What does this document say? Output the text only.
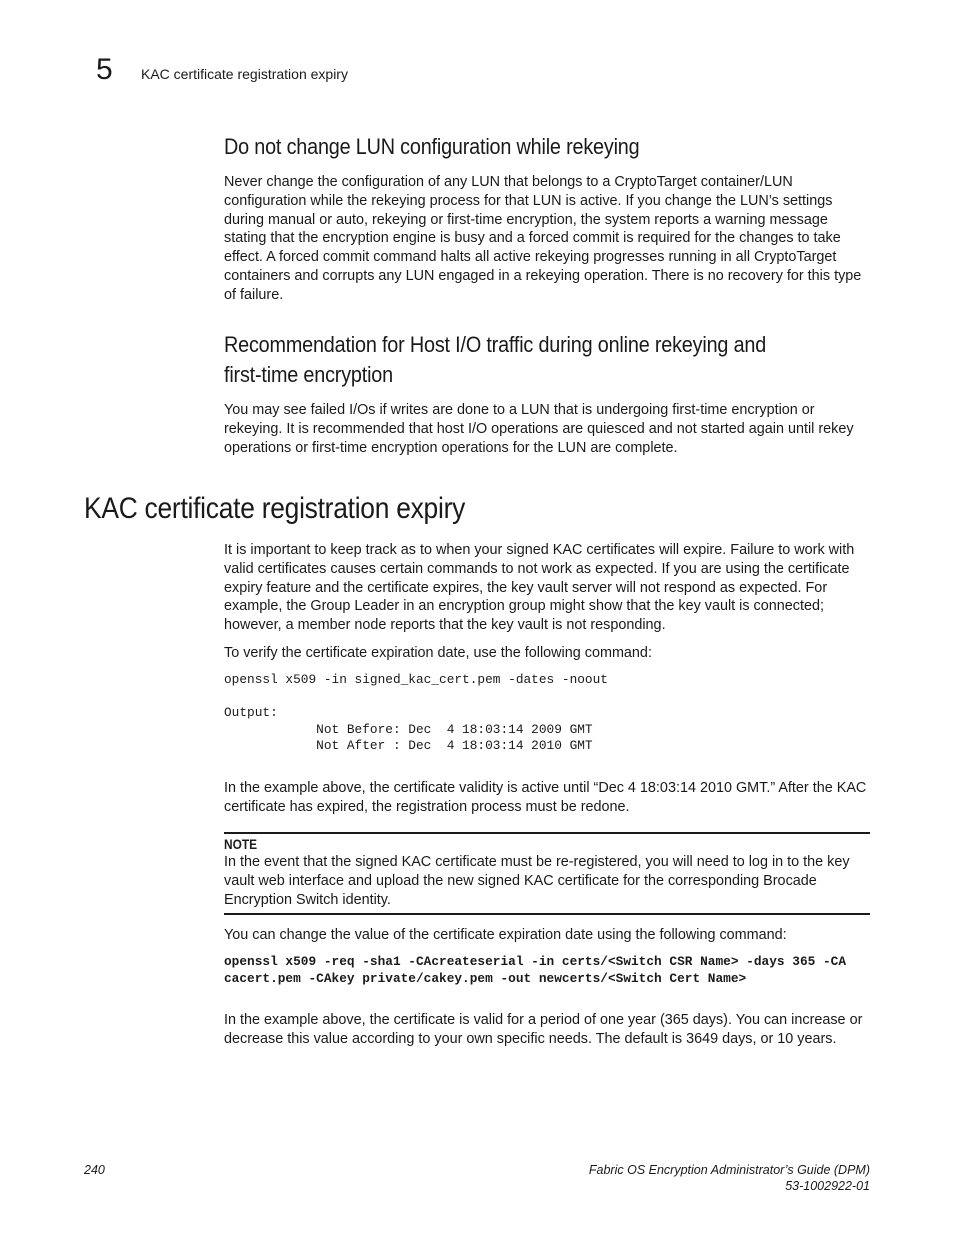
5 KAC certificate registration expiry
Do not change LUN configuration while rekeying

Never change the configuration of any LUN that belongs to a CryptoTarget container/LUN configuration while the rekeying process for that LUN is active. If you change the LUN’s settings during manual or auto, rekeying or first-time encryption, the system reports a warning message stating that the encryption engine is busy and a forced commit is required for the changes to take effect. A forced commit command halts all active rekeying progresses running in all CryptoTarget containers and corrupts any LUN engaged in a rekeying operation. There is no recovery for this type of failure.

Recommendation for Host I/O traffic during online rekeying and first-time encryption

You may see failed I/Os if writes are done to a LUN that is undergoing first-time encryption or rekeying. It is recommended that host I/O operations are quiesced and not started again until rekey operations or first-time encryption operations for the LUN are complete.

KAC certificate registration expiry

It is important to keep track as to when your signed KAC certificates will expire. Failure to work with valid certificates causes certain commands to not work as expected. If you are using the certificate expiry feature and the certificate expires, the key vault server will not respond as expected. For example, the Group Leader in an encryption group might show that the key vault is connected; however, a member node reports that the key vault is not responding.

To verify the certificate expiration date, use the following command:

openssl x509 -in signed_kac_cert.pem -dates -noout
Output:
Not Before: Dec  4 18:03:14 2009 GMT
Not After : Dec  4 18:03:14 2010 GMT

In the example above, the certificate validity is active until “Dec 4 18:03:14 2010 GMT.” After the KAC certificate has expired, the registration process must be redone.

NOTE

In the event that the signed KAC certificate must be re-registered, you will need to log in to the key vault web interface and upload the new signed KAC certificate for the corresponding Brocade Encryption Switch identity.

You can change the value of the certificate expiration date using the following command:

openssl x509 -req -sha1 -CAcreateserial -in certs/<Switch CSR Name> -days 365 -CA
cacert.pem -CAkey private/cakey.pem -out newcerts/<Switch Cert Name>

In the example above, the certificate is valid for a period of one year (365 days). You can increase or decrease this value according to your own specific needs. The default is 3649 days, or 10 years.

240	Fabric OS Encryption Administrator’s Guide (DPM)
53-1002922-01
